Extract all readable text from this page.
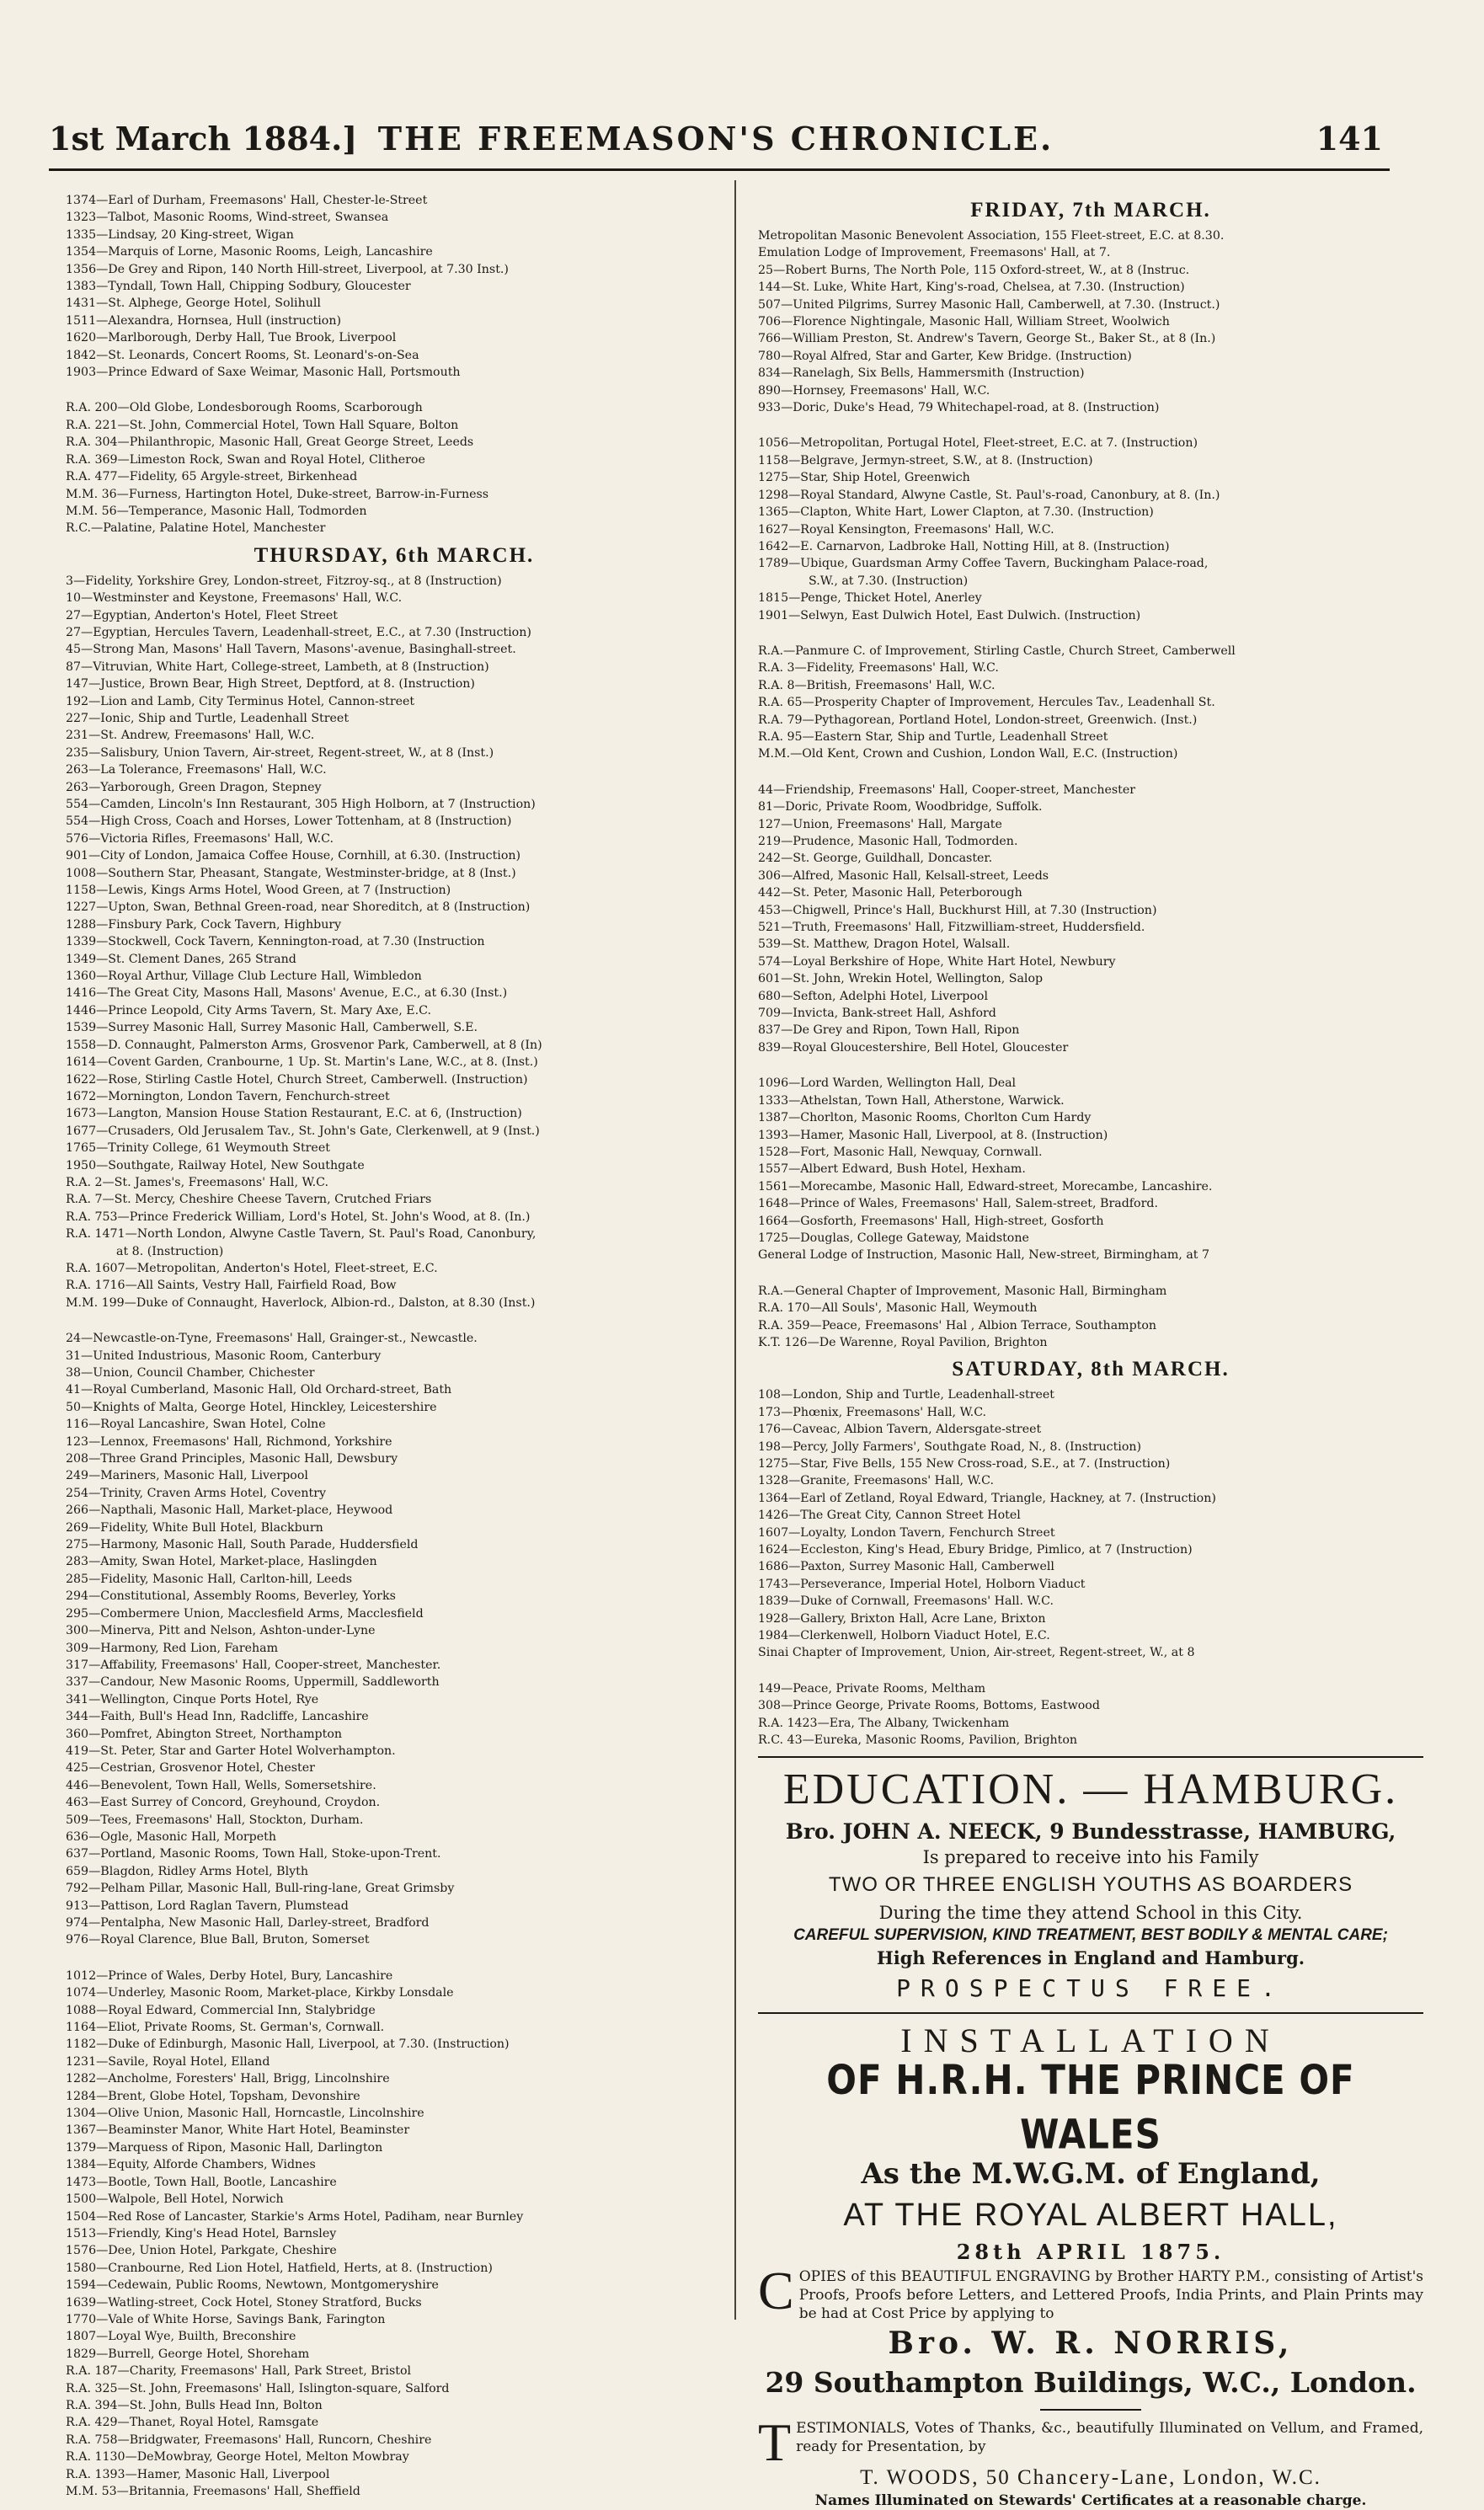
THE FREEMASON'S CHRONICLE.
1st March 1884.]	141
1374—Earl of Durham, Freemasons' Hall, Chester-le-Street
1323—Talbot, Masonic Rooms, Wind-street, Swansea
1335—Lindsay, 20 King-street, Wigan
1354—Marquis of Lorne, Masonic Rooms, Leigh, Lancashire
1356—De Grey and Ripon, 140 North Hill-street, Liverpool, at 7.30 Inst.)
1383—Tyndall, Town Hall, Chipping Sodbury, Gloucester
1431—St. Alphege, George Hotel, Solihull
1511—Alexandra, Hornsea, Hull (instruction)
1620—Marlborough, Derby Hall, Tue Brook, Liverpool
1842—St. Leonards, Concert Rooms, St. Leonard's-on-Sea
1903—Prince Edward of Saxe Weimar, Masonic Hall, Portsmouth
R.A. 200—Old Globe, Londesborough Rooms, Scarborough
R.A. 221—St. John, Commercial Hotel, Town Hall Square, Bolton
R.A. 304—Philanthropic, Masonic Hall, Great George Street, Leeds
R.A. 369—Limeston Rock, Swan and Royal Hotel, Clitheroe
R.A. 477—Fidelity, 65 Argyle-street, Birkenhead
M.M. 36—Furness, Hartington Hotel, Duke-street, Barrow-in-Furness
M.M. 56—Temperance, Masonic Hall, Todmorden
R.C.—Palatine, Palatine Hotel, Manchester
THURSDAY, 6th MARCH.
3—Fidelity, Yorkshire Grey, London-street, Fitzroy-sq., at 8 (Instruction)
10—Westminster and Keystone, Freemasons' Hall, W.C.
27—Egyptian, Anderton's Hotel, Fleet Street
27—Egyptian, Hercules Tavern, Leadenhall-street, E.C., at 7.30 (Instruction)
45—Strong Man, Masons' Hall Tavern, Masons'-avenue, Basinghall-street.
87—Vitruvian, White Hart, College-street, Lambeth, at 8 (Instruction)
147—Justice, Brown Bear, High Street, Deptford, at 8. (Instruction)
192—Lion and Lamb, City Terminus Hotel, Cannon-street
227—Ionic, Ship and Turtle, Leadenhall Street
231—St. Andrew, Freemasons' Hall, W.C.
235—Salisbury, Union Tavern, Air-street, Regent-street, W., at 8 (Inst.)
263—La Tolerance, Freemasons' Hall, W.C.
263—Yarborough, Green Dragon, Stepney
554—Camden, Lincoln's Inn Restaurant, 305 High Holborn, at 7 (Instruction)
554—High Cross, Coach and Horses, Lower Tottenham, at 8 (Instruction)
576—Victoria Rifles, Freemasons' Hall, W.C.
901—City of London, Jamaica Coffee House, Cornhill, at 6.30. (Instruction)
1008—Southern Star, Pheasant, Stangate, Westminster-bridge, at 8 (Inst.)
1158—Lewis, Kings Arms Hotel, Wood Green, at 7 (Instruction)
1227—Upton, Swan, Bethnal Green-road, near Shoreditch, at 8 (Instruction)
1288—Finsbury Park, Cock Tavern, Highbury
1339—Stockwell, Cock Tavern, Kennington-road, at 7.30 (Instruction
1349—St. Clement Danes, 265 Strand
1360—Royal Arthur, Village Club Lecture Hall, Wimbledon
1416—The Great City, Masons Hall, Masons' Avenue, E.C., at 6.30 (Inst.)
1446—Prince Leopold, City Arms Tavern, St. Mary Axe, E.C.
1539—Surrey Masonic Hall, Surrey Masonic Hall, Camberwell, S.E.
1558—D. Connaught, Palmerston Arms, Grosvenor Park, Camberwell, at 8 (In)
1614—Covent Garden, Cranbourne, 1 Up. St. Martin's Lane, W.C., at 8. (Inst.)
1622—Rose, Stirling Castle Hotel, Church Street, Camberwell. (Instruction)
1672—Mornington, London Tavern, Fenchurch-street
1673—Langton, Mansion House Station Restaurant, E.C. at 6, (Instruction)
1677—Crusaders, Old Jerusalem Tav., St. John's Gate, Clerkenwell, at 9 (Inst.)
1765—Trinity College, 61 Weymouth Street
1950—Southgate, Railway Hotel, New Southgate
R.A. 2—St. James's, Freemasons' Hall, W.C.
R.A. 7—St. Mercy, Cheshire Cheese Tavern, Crutched Friars
R.A. 753—Prince Frederick William, Lord's Hotel, St. John's Wood, at 8. (In.)
R.A. 1471—North London, Alwyne Castle Tavern, St. Paul's Road, Canonbury,
at 8. (Instruction)
R.A. 1607—Metropolitan, Anderton's Hotel, Fleet-street, E.C.
R.A. 1716—All Saints, Vestry Hall, Fairfield Road, Bow
M.M. 199—Duke of Connaught, Haverlock, Albion-rd., Dalston, at 8.30 (Inst.)
24—Newcastle-on-Tyne, Freemasons' Hall, Grainger-st., Newcastle.
31—United Industrious, Masonic Room, Canterbury
38—Union, Council Chamber, Chichester
41—Royal Cumberland, Masonic Hall, Old Orchard-street, Bath
50—Knights of Malta, George Hotel, Hinckley, Leicestershire
116—Royal Lancashire, Swan Hotel, Colne
123—Lennox, Freemasons' Hall, Richmond, Yorkshire
208—Three Grand Principles, Masonic Hall, Dewsbury
249—Mariners, Masonic Hall, Liverpool
254—Trinity, Craven Arms Hotel, Coventry
266—Napthali, Masonic Hall, Market-place, Heywood
269—Fidelity, White Bull Hotel, Blackburn
275—Harmony, Masonic Hall, South Parade, Huddersfield
283—Amity, Swan Hotel, Market-place, Haslingden
285—Fidelity, Masonic Hall, Carlton-hill, Leeds
294—Constitutional, Assembly Rooms, Beverley, Yorks
295—Combermere Union, Macclesfield Arms, Macclesfield
300—Minerva, Pitt and Nelson, Ashton-under-Lyne
309—Harmony, Red Lion, Fareham
317—Affability, Freemasons' Hall, Cooper-street, Manchester.
337—Candour, New Masonic Rooms, Uppermill, Saddleworth
341—Wellington, Cinque Ports Hotel, Rye
344—Faith, Bull's Head Inn, Radcliffe, Lancashire
360—Pomfret, Abington Street, Northampton
419—St. Peter, Star and Garter Hotel Wolverhampton.
425—Cestrian, Grosvenor Hotel, Chester
446—Benevolent, Town Hall, Wells, Somersetshire.
463—East Surrey of Concord, Greyhound, Croydon.
509—Tees, Freemasons' Hall, Stockton, Durham.
636—Ogle, Masonic Hall, Morpeth
637—Portland, Masonic Rooms, Town Hall, Stoke-upon-Trent.
659—Blagdon, Ridley Arms Hotel, Blyth
792—Pelham Pillar, Masonic Hall, Bull-ring-lane, Great Grimsby
913—Pattison, Lord Raglan Tavern, Plumstead
974—Pentalpha, New Masonic Hall, Darley-street, Bradford
976—Royal Clarence, Blue Ball, Bruton, Somerset
1012—Prince of Wales, Derby Hotel, Bury, Lancashire
1074—Underley, Masonic Room, Market-place, Kirkby Lonsdale
1088—Royal Edward, Commercial Inn, Stalybridge
1164—Eliot, Private Rooms, St. German's, Cornwall.
1182—Duke of Edinburgh, Masonic Hall, Liverpool, at 7.30. (Instruction)
1231—Savile, Royal Hotel, Elland
1282—Ancholme, Foresters' Hall, Brigg, Lincolnshire
1284—Brent, Globe Hotel, Topsham, Devonshire
1304—Olive Union, Masonic Hall, Horncastle, Lincolnshire
1367—Beaminster Manor, White Hart Hotel, Beaminster
1379—Marquess of Ripon, Masonic Hall, Darlington
1384—Equity, Alforde Chambers, Widnes
1473—Bootle, Town Hall, Bootle, Lancashire
1500—Walpole, Bell Hotel, Norwich
1504—Red Rose of Lancaster, Starkie's Arms Hotel, Padiham, near Burnley
1513—Friendly, King's Head Hotel, Barnsley
1576—Dee, Union Hotel, Parkgate, Cheshire
1580—Cranbourne, Red Lion Hotel, Hatfield, Herts, at 8. (Instruction)
1594—Cedewain, Public Rooms, Newtown, Montgomeryshire
1639—Watling-street, Cock Hotel, Stoney Stratford, Bucks
1770—Vale of White Horse, Savings Bank, Farington
1807—Loyal Wye, Builth, Breconshire
1829—Burrell, George Hotel, Shoreham
R.A. 187—Charity, Freemasons' Hall, Park Street, Bristol
R.A. 325—St. John, Freemasons' Hall, Islington-square, Salford
R.A. 394—St. John, Bulls Head Inn, Bolton
R.A. 429—Thanet, Royal Hotel, Ramsgate
R.A. 758—Bridgwater, Freemasons' Hall, Runcorn, Cheshire
R.A. 1130—DeMowbray, George Hotel, Melton Mowbray
R.A. 1393—Hamer, Masonic Hall, Liverpool
M.M. 53—Britannia, Freemasons' Hall, Sheffield
FRIDAY, 7th MARCH.
Metropolitan Masonic Benevolent Association, 155 Fleet-street, E.C. at 8.30.
Emulation Lodge of Improvement, Freemasons' Hall, at 7.
25—Robert Burns, The North Pole, 115 Oxford-street, W., at 8 (Instruc.
144—St. Luke, White Hart, King's-road, Chelsea, at 7.30. (Instruction)
507—United Pilgrims, Surrey Masonic Hall, Camberwell, at 7.30. (Instruct.)
706—Florence Nightingale, Masonic Hall, William Street, Woolwich
766—William Preston, St. Andrew's Tavern, George St., Baker St., at 8 (In.)
780—Royal Alfred, Star and Garter, Kew Bridge. (Instruction)
834—Ranelagh, Six Bells, Hammersmith (Instruction)
890—Hornsey, Freemasons' Hall, W.C.
933—Doric, Duke's Head, 79 Whitechapel-road, at 8. (Instruction)
1056—Metropolitan, Portugal Hotel, Fleet-street, E.C. at 7. (Instruction)
1158—Belgrave, Jermyn-street, S.W., at 8. (Instruction)
1275—Star, Ship Hotel, Greenwich
1298—Royal Standard, Alwyne Castle, St. Paul's-road, Canonbury, at 8. (In.)
1365—Clapton, White Hart, Lower Clapton, at 7.30. (Instruction)
1627—Royal Kensington, Freemasons' Hall, W.C.
1642—E. Carnarvon, Ladbroke Hall, Notting Hill, at 8. (Instruction)
1789—Ubique, Guardsman Army Coffee Tavern, Buckingham Palace-road,
S.W., at 7.30. (Instruction)
1815—Penge, Thicket Hotel, Anerley
1901—Selwyn, East Dulwich Hotel, East Dulwich. (Instruction)
R.A.—Panmure C. of Improvement, Stirling Castle, Church Street, Camberwell
R.A. 3—Fidelity, Freemasons' Hall, W.C.
R.A. 8—British, Freemasons' Hall, W.C.
R.A. 65—Prosperity Chapter of Improvement, Hercules Tav., Leadenhall St.
R.A. 79—Pythagorean, Portland Hotel, London-street, Greenwich. (Inst.)
R.A. 95—Eastern Star, Ship and Turtle, Leadenhall Street
M.M.—Old Kent, Crown and Cushion, London Wall, E.C. (Instruction)
44—Friendship, Freemasons' Hall, Cooper-street, Manchester
81—Doric, Private Room, Woodbridge, Suffolk.
127—Union, Freemasons' Hall, Margate
219—Prudence, Masonic Hall, Todmorden.
242—St. George, Guildhall, Doncaster.
306—Alfred, Masonic Hall, Kelsall-street, Leeds
442—St. Peter, Masonic Hall, Peterborough
453—Chigwell, Prince's Hall, Buckhurst Hill, at 7.30 (Instruction)
521—Truth, Freemasons' Hall, Fitzwilliam-street, Huddersfield.
539—St. Matthew, Dragon Hotel, Walsall.
574—Loyal Berkshire of Hope, White Hart Hotel, Newbury
601—St. John, Wrekin Hotel, Wellington, Salop
680—Sefton, Adelphi Hotel, Liverpool
709—Invicta, Bank-street Hall, Ashford
837—De Grey and Ripon, Town Hall, Ripon
839—Royal Gloucestershire, Bell Hotel, Gloucester
1096—Lord Warden, Wellington Hall, Deal
1333—Athelstan, Town Hall, Atherstone, Warwick.
1387—Chorlton, Masonic Rooms, Chorlton Cum Hardy
1393—Hamer, Masonic Hall, Liverpool, at 8. (Instruction)
1528—Fort, Masonic Hall, Newquay, Cornwall.
1557—Albert Edward, Bush Hotel, Hexham.
1561—Morecambe, Masonic Hall, Edward-street, Morecambe, Lancashire.
1648—Prince of Wales, Freemasons' Hall, Salem-street, Bradford.
1664—Gosforth, Freemasons' Hall, High-street, Gosforth
1725—Douglas, College Gateway, Maidstone
General Lodge of Instruction, Masonic Hall, New-street, Birmingham, at 7
R.A.—General Chapter of Improvement, Masonic Hall, Birmingham
R.A. 170—All Souls', Masonic Hall, Weymouth
R.A. 359—Peace, Freemasons' Hal , Albion Terrace, Southampton
K.T. 126—De Warenne, Royal Pavilion, Brighton
SATURDAY, 8th MARCH.
108—London, Ship and Turtle, Leadenhall-street
173—Phœnix, Freemasons' Hall, W.C.
176—Caveac, Albion Tavern, Aldersgate-street
198—Percy, Jolly Farmers', Southgate Road, N., 8. (Instruction)
1275—Star, Five Bells, 155 New Cross-road, S.E., at 7. (Instruction)
1328—Granite, Freemasons' Hall, W.C.
1364—Earl of Zetland, Royal Edward, Triangle, Hackney, at 7. (Instruction)
1426—The Great City, Cannon Street Hotel
1607—Loyalty, London Tavern, Fenchurch Street
1624—Eccleston, King's Head, Ebury Bridge, Pimlico, at 7 (Instruction)
1686—Paxton, Surrey Masonic Hall, Camberwell
1743—Perseverance, Imperial Hotel, Holborn Viaduct
1839—Duke of Cornwall, Freemasons' Hall. W.C.
1928—Gallery, Brixton Hall, Acre Lane, Brixton
1984—Clerkenwell, Holborn Viaduct Hotel, E.C.
Sinai Chapter of Improvement, Union, Air-street, Regent-street, W., at 8
149—Peace, Private Rooms, Meltham
308—Prince George, Private Rooms, Bottoms, Eastwood
R.A. 1423—Era, The Albany, Twickenham
R.C. 43—Eureka, Masonic Rooms, Pavilion, Brighton
EDUCATION. — HAMBURG.
Bro. JOHN A. NEECK, 9 Bundesstrasse, HAMBURG,
Is prepared to receive into his Family
TWO OR THREE ENGLISH YOUTHS AS BOARDERS
During the time they attend School in this City.
CAREFUL SUPERVISION, KIND TREATMENT, BEST BODILY & MENTAL CARE;
High References in England and Hamburg.
PROSPECTUS FREE.
INSTALLATION
OF H.R.H. THE PRINCE OF WALES
As the M.W.G.M. of England,
AT THE ROYAL ALBERT HALL,
28th APRIL 1875.
COPIES of this BEAUTIFUL ENGRAVING by Brother HARTY P.M., consisting of Artist's Proofs, Proofs before Letters, and Lettered Proofs, India Prints, and Plain Prints may be had at Cost Price by applying to
Bro. W. R. NORRIS,
29 Southampton Buildings, W.C., London.
TESTIMONIALS, Votes of Thanks, &c., beautifully Illuminated on Vellum, and Framed, ready for Presentation, by
T. WOODS, 50 Chancery-Lane, London, W.C.
Names Illuminated on Stewards' Certificates at a reasonable charge.
